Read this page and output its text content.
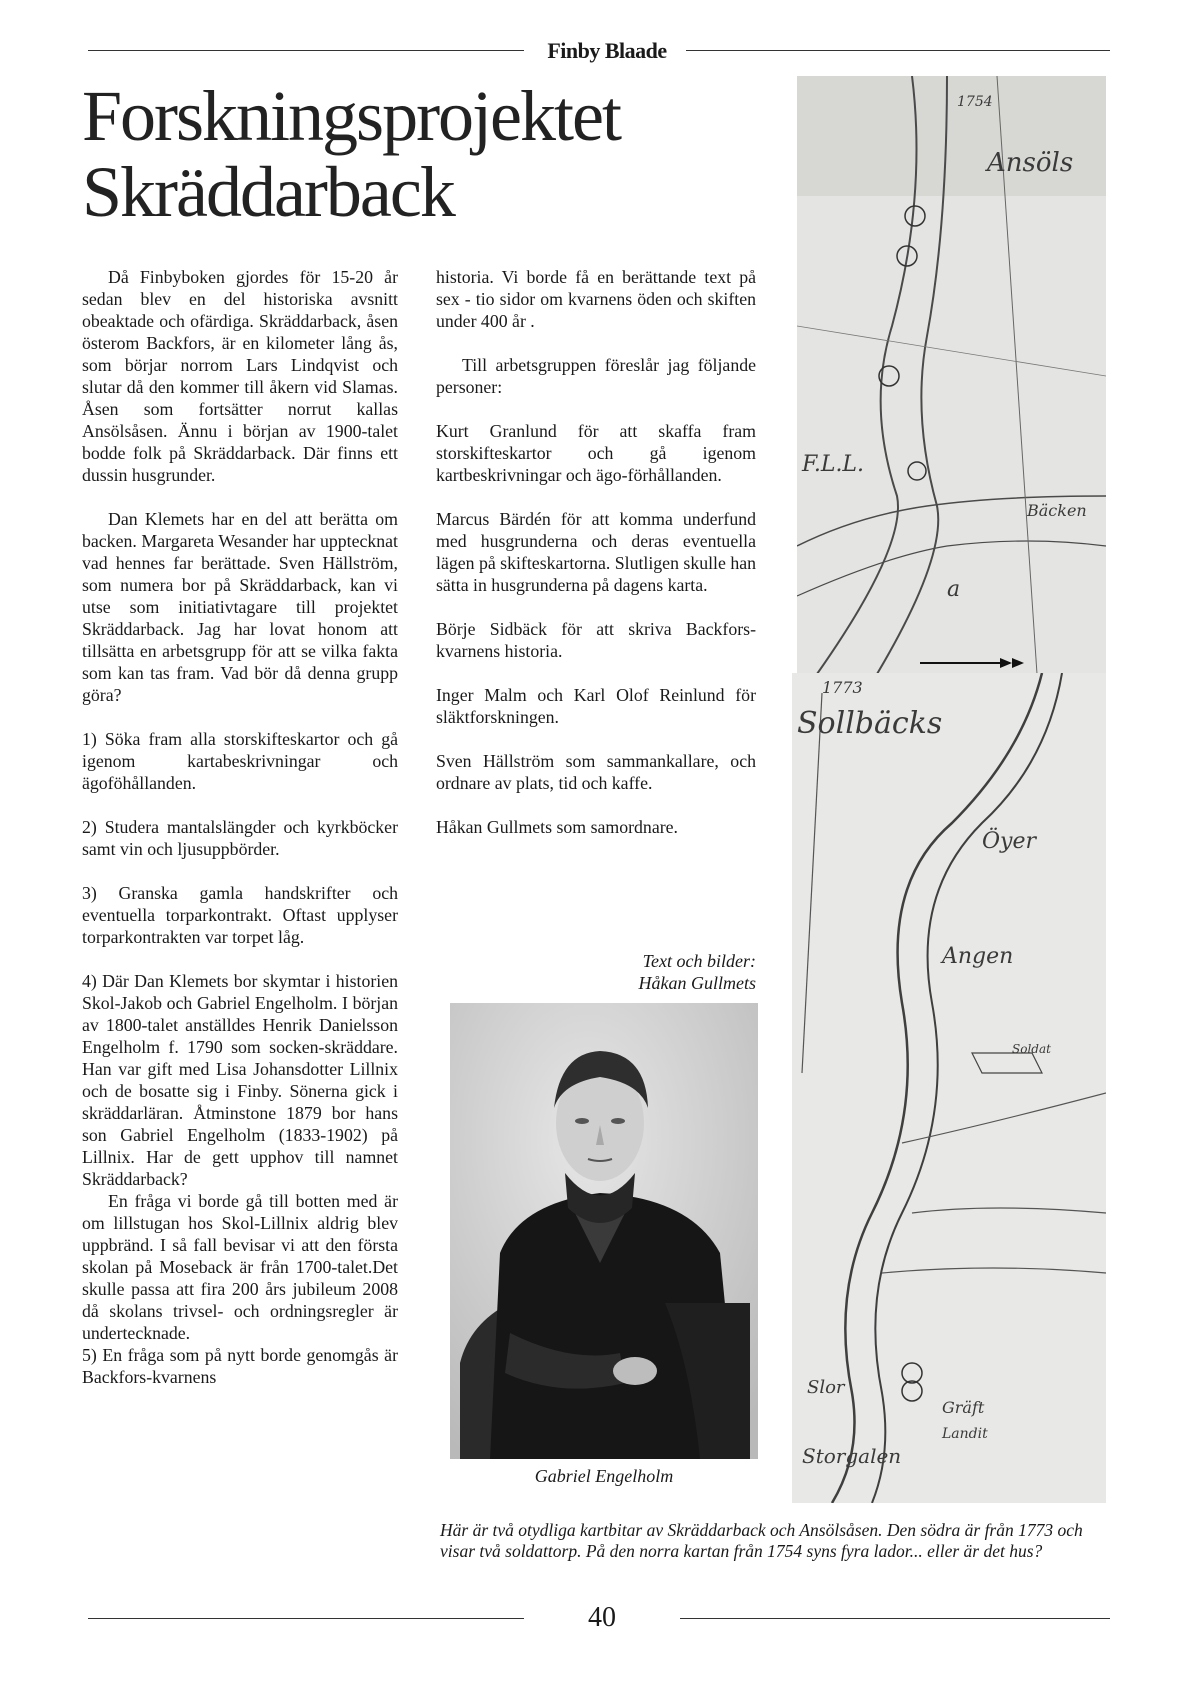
Finby Blaade
Forskningsprojektet
Skräddarback

Då Finbyboken gjordes för 15-20 år sedan blev en del historiska avsnitt obeaktade och ofärdiga. Skräddarback, åsen österom Backfors, är en kilometer lång ås, som börjar norrom Lars Lindqvist och slutar då den kommer till åkern vid Slamas. Åsen som fortsätter norrut kallas Ansölsåsen. Ännu i början av 1900-talet bodde folk på Skräddarback. Där finns ett dussin husgrunder.

Dan Klemets har en del att berätta om backen. Margareta Wesander har upptecknat vad hennes far berättade. Sven Hällström, som numera bor på Skräddarback, kan vi utse som initiativtagare till projektet Skräddarback. Jag har lovat honom att tillsätta en arbetsgrupp för att se vilka fakta som kan tas fram. Vad bör då denna grupp göra?

1) Söka fram alla storskifteskartor och gå igenom kartabeskrivningar och ägoföhållanden.

2) Studera mantalslängder och kyrkböcker samt vin och ljusuppbörder.

3) Granska gamla handskrifter och eventuella torparkontrakt. Oftast upplyser torparkontrakten var torpet låg.

4) Där Dan Klemets bor skymtar i historien Skol-Jakob och Gabriel Engelholm. I början av 1800-talet anställdes Henrik Danielsson Engelholm f. 1790 som socken-skräddare. Han var gift med Lisa Johansdotter Lillnix och de bosatte sig i Finby. Sönerna gick i skräddarläran. Åtminstone 1879 bor hans son Gabriel Engelholm (1833-1902) på Lillnix. Har de gett upphov till namnet Skräddarback?

En fråga vi borde gå till botten med är om lillstugan hos Skol-Lillnix aldrig blev uppbränd. I så fall bevisar vi att den första skolan på Moseback är från 1700-talet.Det skulle passa att fira 200 års jubileum 2008 då skolans trivsel- och ordningsregler är undertecknade.

5) En fråga som på nytt borde genomgås är Backfors-kvarnens

historia. Vi borde få en berättande text på sex - tio sidor om kvarnens öden och skiften under 400 år .

Till arbetsgruppen föreslår jag följande personer:

Kurt Granlund för att skaffa fram storskifteskartor och gå igenom kartbeskrivningar och ägo-förhållanden.

Marcus Bärdén för att komma underfund med husgrunderna och deras eventuella lägen på skifteskartorna. Slutligen skulle han sätta in husgrunderna på dagens karta.

Börje Sidbäck för att skriva Backfors-kvarnens historia.

Inger Malm och Karl Olof Reinlund för släktforskningen.

Sven Hällström som sammankallare, och ordnare av plats, tid och kaffe.

Håkan Gullmets som samordnare.

Text och bilder:
Håkan Gullmets
Gabriel Engelholm
Ansöls
F.L.L.
a
Bäcken
1754
Sollbäcks
Öyer
Angen
Storgalen
Soldat
Gräft
Landit
Slor
1773
Här är två otydliga kartbitar av Skräddarback och Ansölsåsen. Den södra är från 1773 och visar två soldattorp. På den norra kartan från 1754 syns fyra lador... eller är det hus?
40
